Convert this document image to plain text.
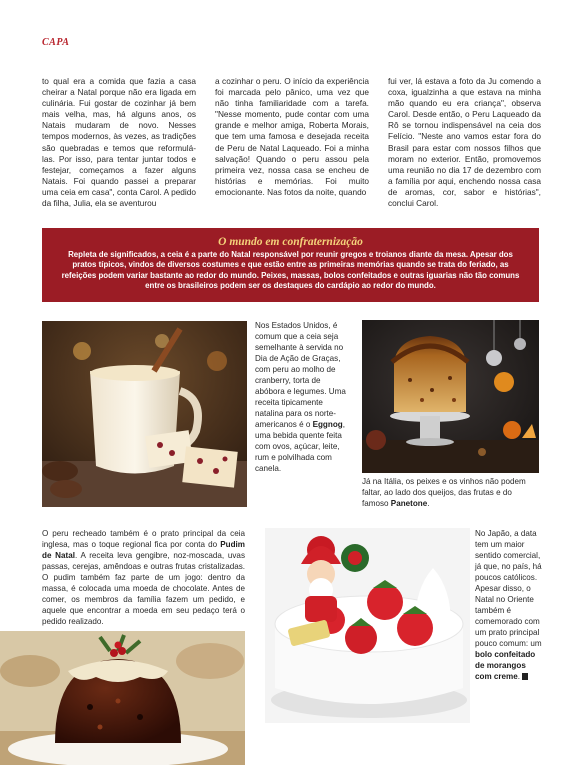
CAPA
to qual era a comida que fazia a casa cheirar a Natal porque não era ligada em culinária. Fui gostar de cozinhar já bem mais velha, mas, há alguns anos, os Natais mudaram de novo. Nesses tempos modernos, às vezes, as tradições são quebradas e temos que reformulá-las. Por isso, para tentar juntar todos e festejar, começamos a fazer alguns Natais. Foi quando passei a preparar uma ceia em casa", conta Carol. A pedido da filha, Julia, ela se aventurou
a cozinhar o peru. O início da experiência foi marcada pelo pânico, uma vez que não tinha familiaridade com a tarefa. "Nesse momento, pude contar com uma grande e melhor amiga, Roberta Morais, que tem uma famosa e desejada receita de Peru de Natal Laqueado. Foi a minha salvação! Quando o peru assou pela primeira vez, nossa casa se encheu de histórias e memórias. Foi muito emocionante. Nas fotos da noite, quando
fui ver, lá estava a foto da Ju comendo a coxa, igualzinha a que estava na minha mão quando eu era criança", observa Carol. Desde então, o Peru Laqueado da Rô se tornou indispensável na ceia dos Felício. "Neste ano vamos estar fora do Brasil para estar com nossos filhos que moram no exterior. Então, promovemos uma reunião no dia 17 de dezembro com a família por aqui, enchendo nossa casa de aromas, cor, sabor e histórias", conclui Carol.
O mundo em confraternização
Repleta de significados, a ceia é a parte do Natal responsável por reunir gregos e troianos diante da mesa. Apesar dos pratos típicos, vindos de diversos costumes e que estão entre as primeiras memórias quando se trata do feriado, as refeições podem variar bastante ao redor do mundo. Peixes, massas, bolos confeitados e outras iguarias não tão comuns entre os brasileiros podem ser os destaques do cardápio ao redor do mundo.
Nos Estados Unidos, é comum que a ceia seja semelhante à servida no Dia de Ação de Graças, com peru ao molho de cranberry, torta de abóbora e legumes. Uma receita tipicamente natalina para os norte-americanos é o Eggnog, uma bebida quente feita com ovos, açúcar, leite, rum e polvilhada com canela.
Já na Itália, os peixes e os vinhos não podem faltar, ao lado dos queijos, das frutas e do famoso Panetone.
O peru recheado também é o prato principal da ceia inglesa, mas o toque regional fica por conta do Pudim de Natal. A receita leva gengibre, noz-moscada, uvas passas, cerejas, amêndoas e outras frutas cristalizadas. O pudim também faz parte de um jogo: dentro da massa, é colocada uma moeda de chocolate. Antes de comer, os membros da família fazem um pedido, e aquele que encontrar a moeda em seu pedaço terá o pedido realizado.
No Japão, a data tem um maior sentido comercial, já que, no país, há poucos católicos. Apesar disso, o Natal no Oriente também é comemorado com um prato principal pouco comum: um bolo confeitado de morangos com creme.
